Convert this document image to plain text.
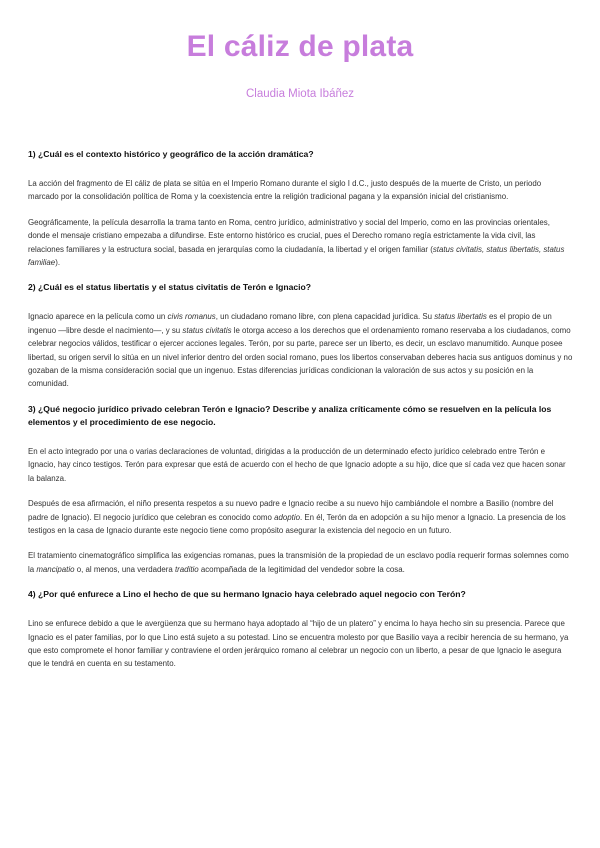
El cáliz de plata
Claudia Miota Ibáñez
1) ¿Cuál es el contexto histórico y geográfico de la acción dramática?

La acción del fragmento de El cáliz de plata se sitúa en el Imperio Romano durante el siglo I d.C., justo después de la muerte de Cristo, un periodo marcado por la consolidación política de Roma y la coexistencia entre la religión tradicional pagana y la expansión inicial del cristianismo.

Geográficamente, la película desarrolla la trama tanto en Roma, centro jurídico, administrativo y social del Imperio, como en las provincias orientales, donde el mensaje cristiano empezaba a difundirse. Este entorno histórico es crucial, pues el Derecho romano regía estrictamente la vida civil, las relaciones familiares y la estructura social, basada en jerarquías como la ciudadanía, la libertad y el origen familiar (status civitatis, status libertatis, status familiae).

2) ¿Cuál es el status libertatis y el status civitatis de Terón e Ignacio?

Ignacio aparece en la película como un civis romanus, un ciudadano romano libre, con plena capacidad jurídica. Su status libertatis es el propio de un ingenuo —libre desde el nacimiento—, y su status civitatis le otorga acceso a los derechos que el ordenamiento romano reservaba a los ciudadanos, como celebrar negocios válidos, testificar o ejercer acciones legales. Terón, por su parte, parece ser un liberto, es decir, un esclavo manumitido. Aunque posee libertad, su origen servil lo sitúa en un nivel inferior dentro del orden social romano, pues los libertos conservaban deberes hacia sus antiguos dominus y no gozaban de la misma consideración social que un ingenuo. Estas diferencias jurídicas condicionan la valoración de sus actos y su posición en la comunidad.

3) ¿Qué negocio jurídico privado celebran Terón e Ignacio? Describe y analiza críticamente cómo se resuelven en la película los elementos y el procedimiento de ese negocio.

En el acto integrado por una o varias declaraciones de voluntad, dirigidas a la producción de un determinado efecto jurídico celebrado entre Terón e Ignacio, hay cinco testigos. Terón para expresar que está de acuerdo con el hecho de que Ignacio adopte a su hijo, dice que sí cada vez que hacen sonar la balanza.

Después de esa afirmación, el niño presenta respetos a su nuevo padre e Ignacio recibe a su nuevo hijo cambiándole el nombre a Basilio (nombre del padre de Ignacio). El negocio jurídico que celebran es conocido como adoptio. En él, Terón da en adopción a su hijo menor a Ignacio. La presencia de los testigos en la casa de Ignacio durante este negocio tiene como propósito asegurar la existencia del negocio en un futuro.

El tratamiento cinematográfico simplifica las exigencias romanas, pues la transmisión de la propiedad de un esclavo podía requerir formas solemnes como la mancipatio o, al menos, una verdadera traditio acompañada de la legitimidad del vendedor sobre la cosa.

4) ¿Por qué enfurece a Lino el hecho de que su hermano Ignacio haya celebrado aquel negocio con Terón?

Lino se enfurece debido a que le avergüenza que su hermano haya adoptado al “hijo de un platero” y encima lo haya hecho sin su presencia. Parece que Ignacio es el pater familias, por lo que Lino está sujeto a su potestad. Lino se encuentra molesto por que Basilio vaya a recibir herencia de su hermano, ya que esto compromete el honor familiar y contraviene el orden jerárquico romano al celebrar un negocio con un liberto, a pesar de que Ignacio le asegura que le tendrá en cuenta en su testamento.
